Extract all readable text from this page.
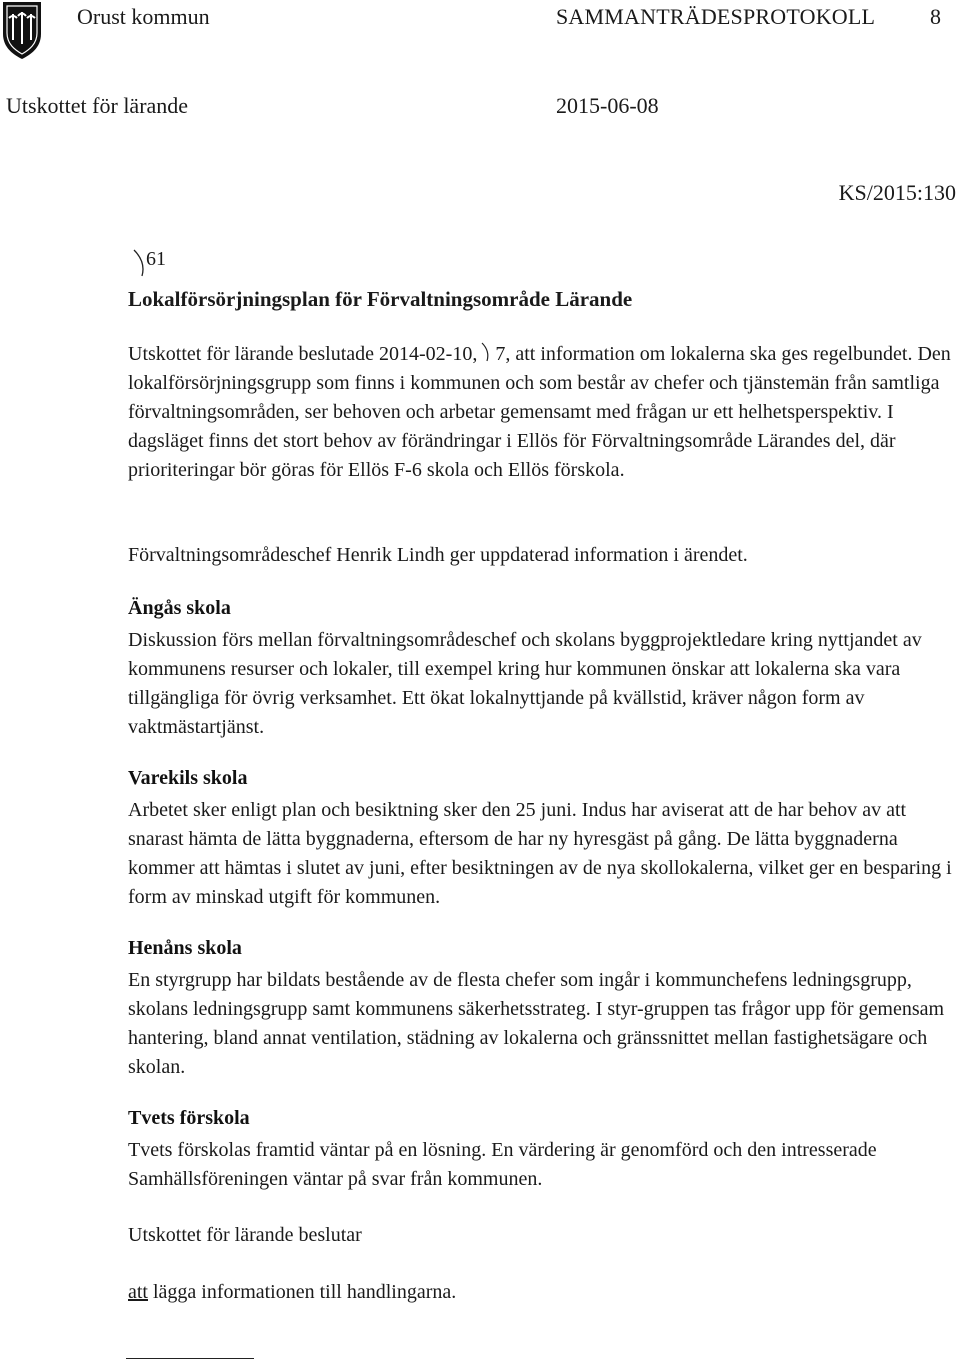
Orust kommun	SAMMANTRÄDESPROTOKOLL 8
Utskottet för lärande	2015-06-08
KS/2015:130
61
Lokalförsörjningsplan för Förvaltningsområde Lärande

Utskottet för lärande beslutade 2014-02-10, 7, att information om lokalerna ska ges regelbundet. Den lokalförsörjningsgrupp som finns i kommunen och som består av chefer och tjänstemän från samtliga förvaltningsområden, ser behoven och arbetar gemensamt med frågan ur ett helhetsperspektiv. I dagsläget finns det stort behov av förändringar i Ellös för Förvaltningsområde Lärandes del, där prioriteringar bör göras för Ellös F-6 skola och Ellös förskola.

Förvaltningsområdeschef Henrik Lindh ger uppdaterad information i ärendet.

Ängås skola

Diskussion förs mellan förvaltningsområdeschef och skolans byggprojektledare kring nyttjandet av kommunens resurser och lokaler, till exempel kring hur kommunen önskar att lokalerna ska vara tillgängliga för övrig verksamhet. Ett ökat lokalnyttjande på kvällstid, kräver någon form av vaktmästartjänst.

Varekils skola

Arbetet sker enligt plan och besiktning sker den 25 juni. Indus har aviserat att de har behov av att snarast hämta de lätta byggnaderna, eftersom de har ny hyresgäst på gång. De lätta byggnaderna kommer att hämtas i slutet av juni, efter besiktningen av de nya skollokalerna, vilket ger en besparing i form av minskad utgift för kommunen.

Henåns skola

En styrgrupp har bildats bestående av de flesta chefer som ingår i kommunchefens ledningsgrupp, skolans ledningsgrupp samt kommunens säkerhetsstrateg. I styr-gruppen tas frågor upp för gemensam hantering, bland annat ventilation, städning av lokalerna och gränssnittet mellan fastighetsägare och skolan.

Tvets förskola

Tvets förskolas framtid väntar på en lösning. En värdering är genomförd och den intresserade Samhällsföreningen väntar på svar från kommunen.

Utskottet för lärande beslutar

att lägga informationen till handlingarna.
